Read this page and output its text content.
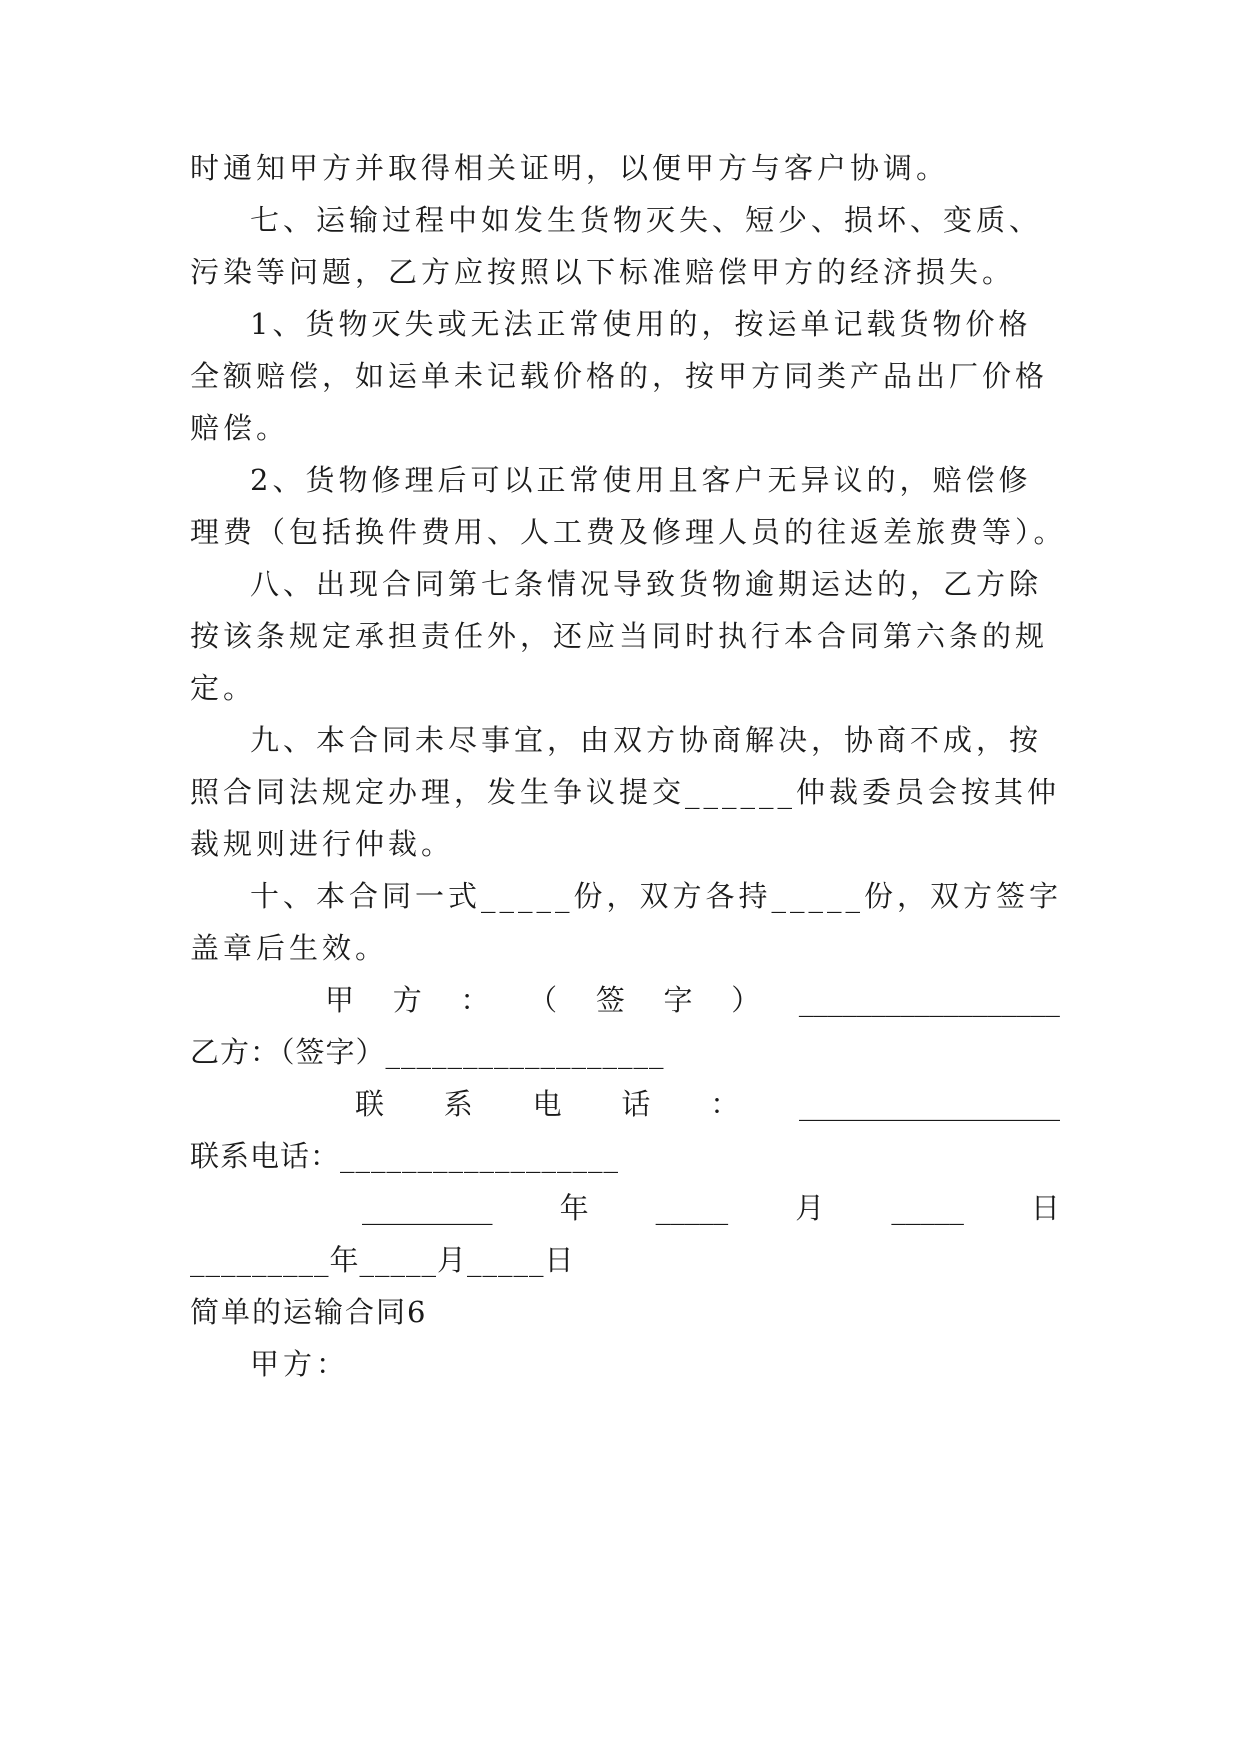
时通知甲方并取得相关证明，以便甲方与客户协调。
七、运输过程中如发生货物灭失、短少、损坏、变质、
污染等问题，乙方应按照以下标准赔偿甲方的经济损失。
1、货物灭失或无法正常使用的，按运单记载货物价格
全额赔偿，如运单未记载价格的，按甲方同类产品出厂价格
赔偿。
2、货物修理后可以正常使用且客户无异议的，赔偿修
理费（包括换件费用、人工费及修理人员的往返差旅费等）。
八、出现合同第七条情况导致货物逾期运达的，乙方除
按该条规定承担责任外，还应当同时执行本合同第六条的规
定。
九、本合同未尽事宜，由双方协商解决，协商不成，按
照合同法规定办理，发生争议提交______仲裁委员会按其仲
裁规则进行仲裁。
十、本合同一式_____份，双方各持_____份，双方签字
盖章后生效。
甲 方 ： （ 签 字 ） __________________
乙方：（签字）__________________
联 系 电 话 ： __________________
联系电话：__________________
_________ 年 _____ 月 _____ 日
_________年_____月_____日
简单的运输合同6
甲方：
